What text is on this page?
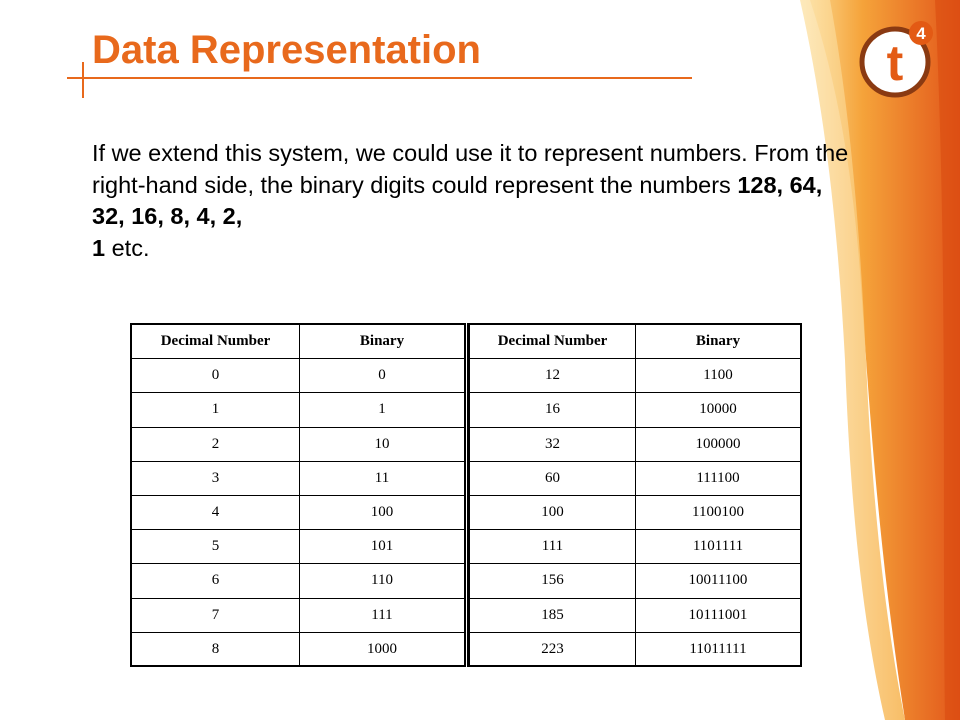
Data Representation	t
4
If we extend this system, we could use it to represent numbers. From the right-hand side, the binary digits could represent the numbers 128, 64, 32, 16, 8, 4, 2,
1 etc.
Decimal Number	Binary
0	0
1	1
2	10
3	11
4	100
5	101
6	110
7	111
8	1000
Decimal Number	Binary
12	1100
16	10000
32	100000
60	111100
100	1100100
111	1101111
156	10011100
185	10111001
223	11011111
